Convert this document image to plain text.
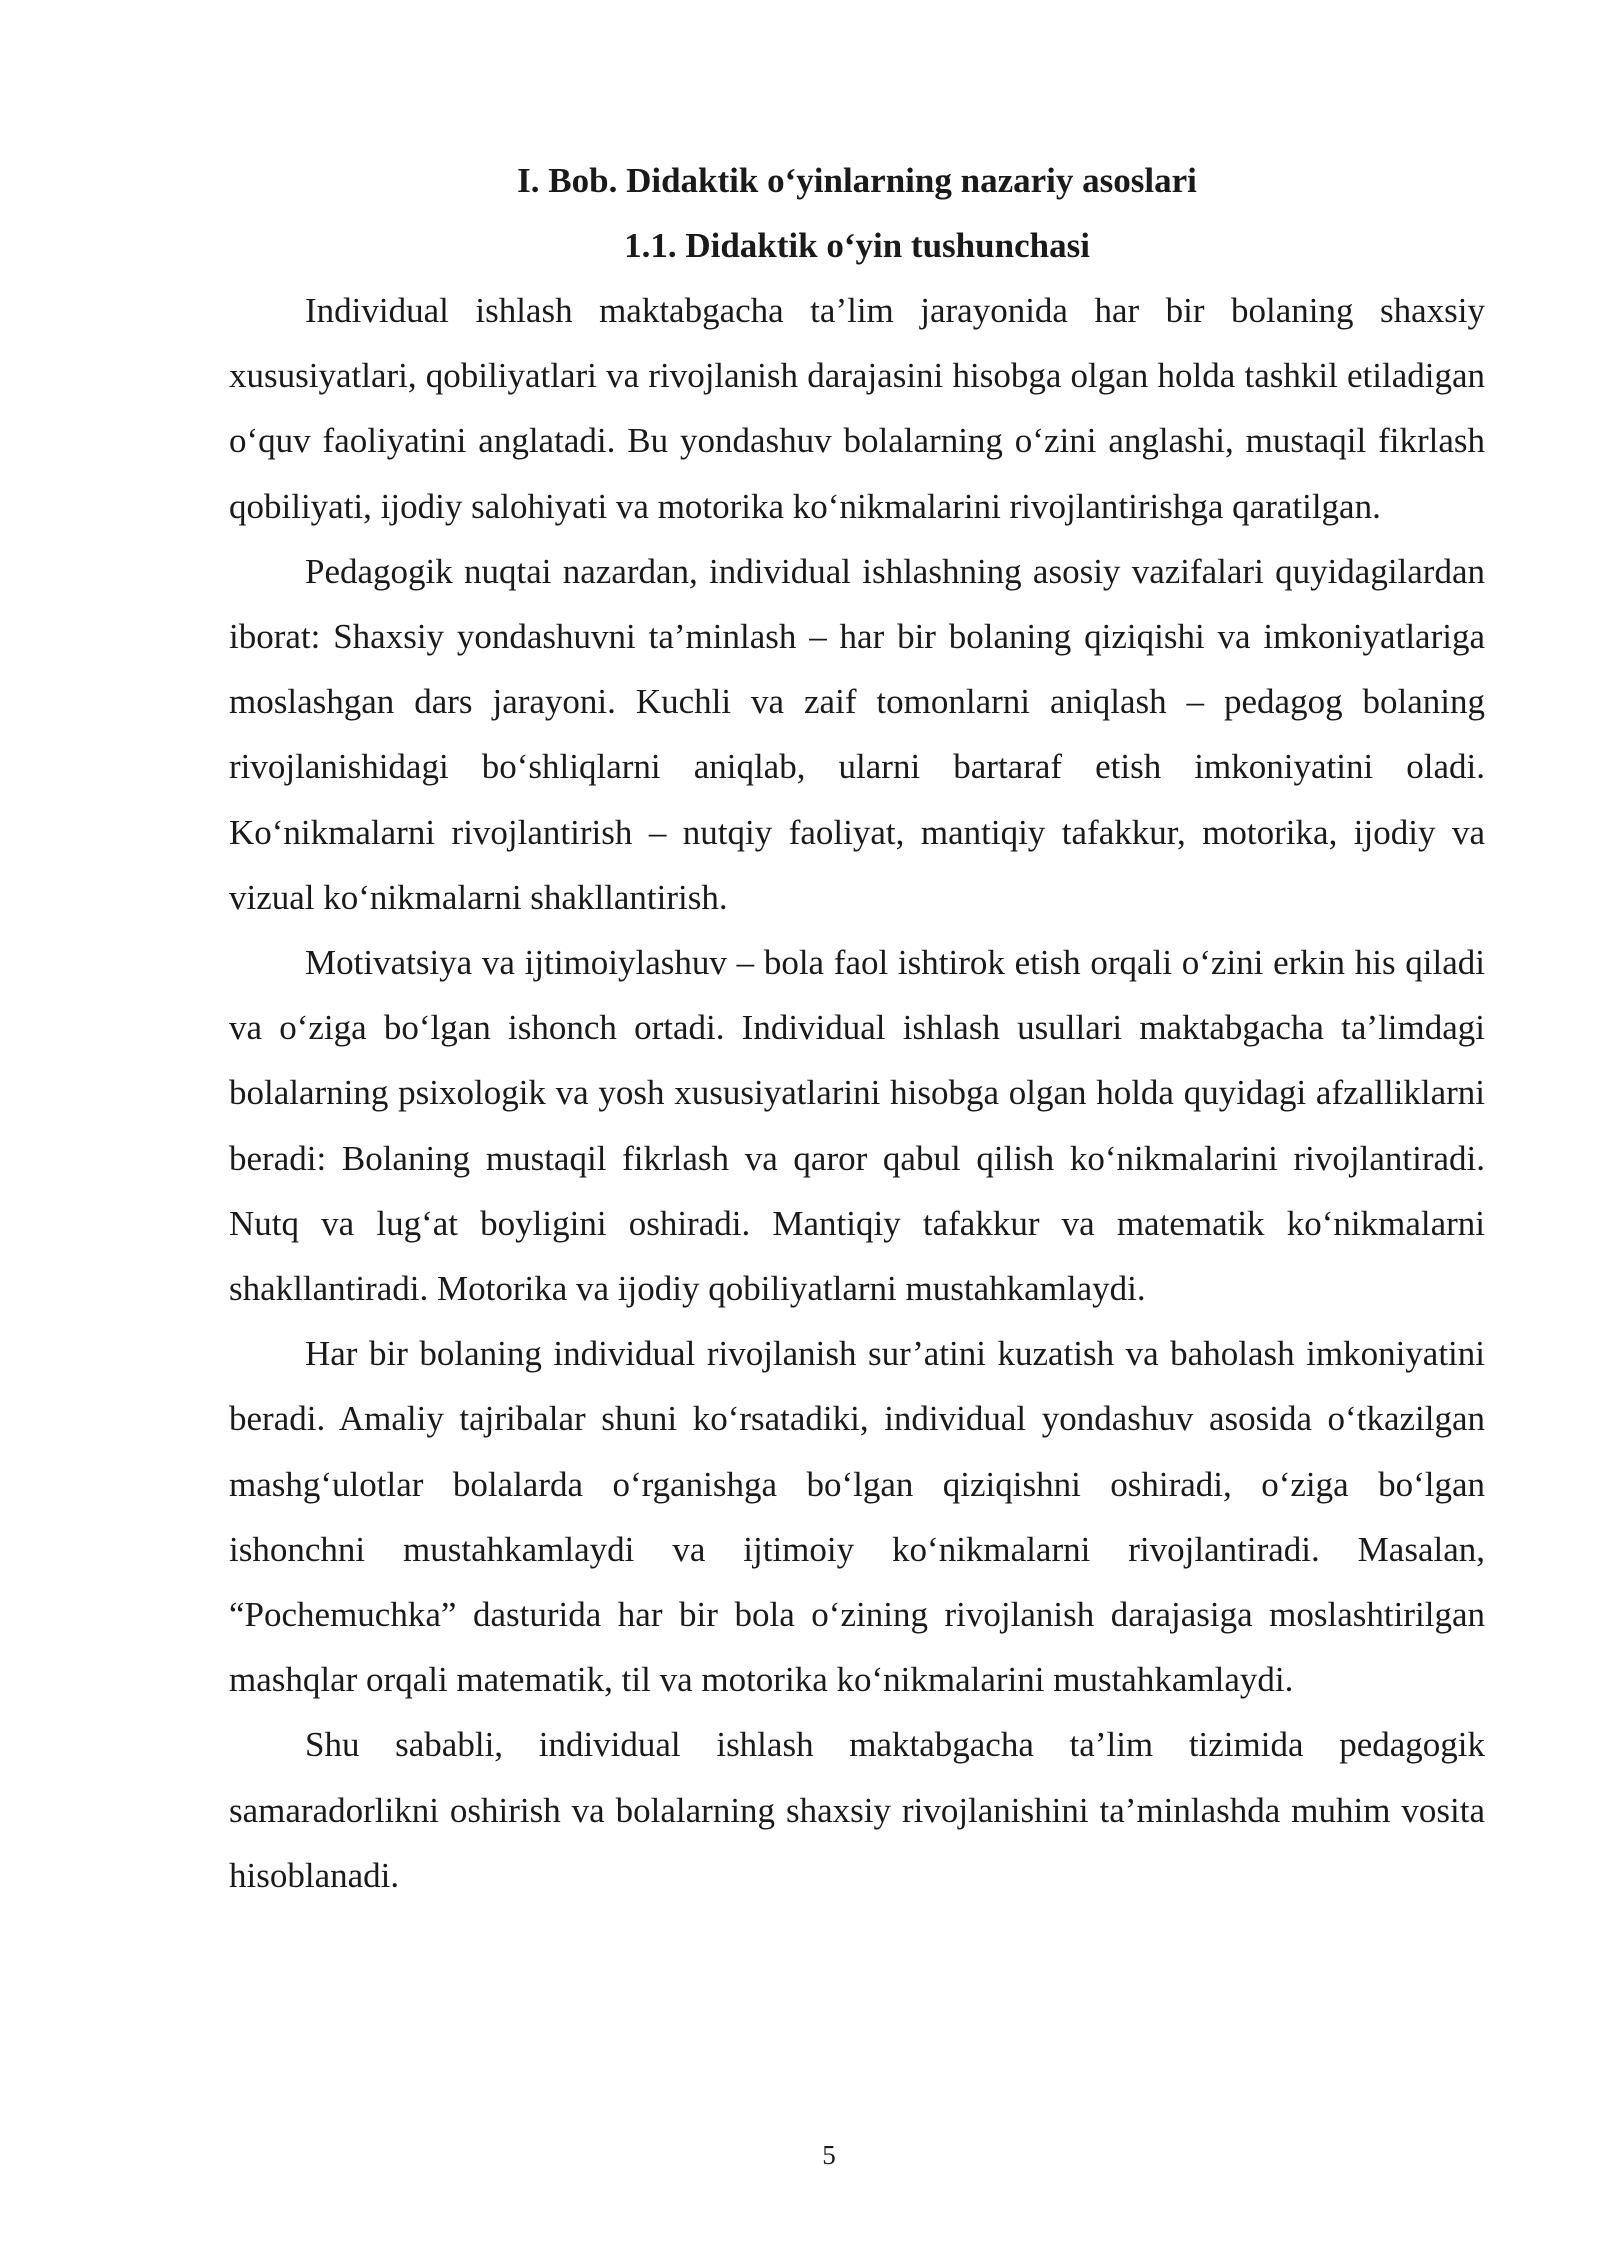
I. Bob. Didaktik o‘yinlarning nazariy asoslari
1.1. Didaktik o‘yin tushunchasi

Individual ishlash maktabgacha ta’lim jarayonida har bir bolaning shaxsiy xususiyatlari, qobiliyatlari va rivojlanish darajasini hisobga olgan holda tashkil etiladigan o‘quv faoliyatini anglatadi. Bu yondashuv bolalarning o‘zini anglashi, mustaqil fikrlash qobiliyati, ijodiy salohiyati va motorika ko‘nikmalarini rivojlantirishga qaratilgan.

Pedagogik nuqtai nazardan, individual ishlashning asosiy vazifalari quyidagilardan iborat: Shaxsiy yondashuvni ta’minlash – har bir bolaning qiziqishi va imkoniyatlariga moslashgan dars jarayoni. Kuchli va zaif tomonlarni aniqlash – pedagog bolaning rivojlanishidagi bo‘shliqlarni aniqlab, ularni bartaraf etish imkoniyatini oladi. Ko‘nikmalarni rivojlantirish – nutqiy faoliyat, mantiqiy tafakkur, motorika, ijodiy va vizual ko‘nikmalarni shakllantirish.

Motivatsiya va ijtimoiylashuv – bola faol ishtirok etish orqali o‘zini erkin his qiladi va o‘ziga bo‘lgan ishonch ortadi. Individual ishlash usullari maktabgacha ta’limdagi bolalarning psixologik va yosh xususiyatlarini hisobga olgan holda quyidagi afzalliklarni beradi: Bolaning mustaqil fikrlash va qaror qabul qilish ko‘nikmalarini rivojlantiradi. Nutq va lug‘at boyligini oshiradi. Mantiqiy tafakkur va matematik ko‘nikmalarni shakllantiradi. Motorika va ijodiy qobiliyatlarni mustahkamlaydi.

Har bir bolaning individual rivojlanish sur’atini kuzatish va baholash imkoniyatini beradi. Amaliy tajribalar shuni ko‘rsatadiki, individual yondashuv asosida o‘tkazilgan mashg‘ulotlar bolalarda o‘rganishga bo‘lgan qiziqishni oshiradi, o‘ziga bo‘lgan ishonchni mustahkamlaydi va ijtimoiy ko‘nikmalarni rivojlantiradi. Masalan, “Pochemuchka” dasturida har bir bola o‘zining rivojlanish darajasiga moslashtirilgan mashqlar orqali matematik, til va motorika ko‘nikmalarini mustahkamlaydi.

Shu sababli, individual ishlash maktabgacha ta’lim tizimida pedagogik samaradorlikni oshirish va bolalarning shaxsiy rivojlanishini ta’minlashda muhim vosita hisoblanadi.

5
